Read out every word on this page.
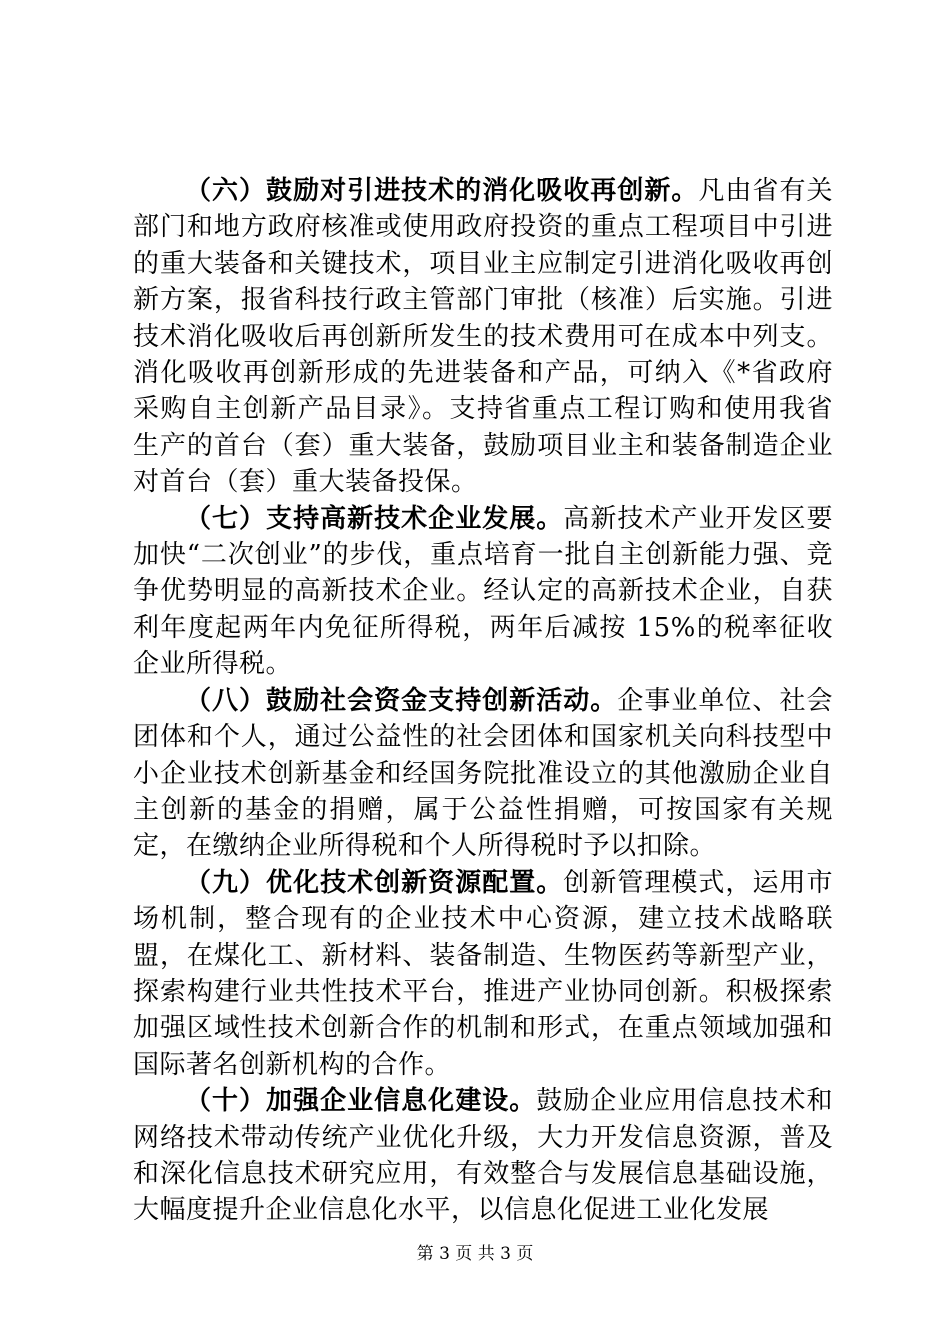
（六）鼓励对引进技术的消化吸收再创新。凡由省有关部门和地方政府核准或使用政府投资的重点工程项目中引进的重大装备和关键技术，项目业主应制定引进消化吸收再创新方案，报省科技行政主管部门审批（核准）后实施。引进技术消化吸收后再创新所发生的技术费用可在成本中列支。消化吸收再创新形成的先进装备和产品，可纳入《*省政府采购自主创新产品目录》。支持省重点工程订购和使用我省生产的首台（套）重大装备，鼓励项目业主和装备制造企业对首台（套）重大装备投保。

（七）支持高新技术企业发展。高新技术产业开发区要加快“二次创业”的步伐，重点培育一批自主创新能力强、竞争优势明显的高新技术企业。经认定的高新技术企业，自获利年度起两年内免征所得税，两年后减按 15%的税率征收企业所得税。

（八）鼓励社会资金支持创新活动。企事业单位、社会团体和个人，通过公益性的社会团体和国家机关向科技型中小企业技术创新基金和经国务院批准设立的其他激励企业自主创新的基金的捐赠，属于公益性捐赠，可按国家有关规定，在缴纳企业所得税和个人所得税时予以扣除。

（九）优化技术创新资源配置。创新管理模式，运用市场机制，整合现有的企业技术中心资源，建立技术战略联盟，在煤化工、新材料、装备制造、生物医药等新型产业，探索构建行业共性技术平台，推进产业协同创新。积极探索加强区域性技术创新合作的机制和形式，在重点领域加强和国际著名创新机构的合作。

（十）加强企业信息化建设。鼓励企业应用信息技术和网络技术带动传统产业优化升级，大力开发信息资源，普及和深化信息技术研究应用，有效整合与发展信息基础设施，大幅度提升企业信息化水平，以信息化促进工业化发展

第 3 页 共 3 页
